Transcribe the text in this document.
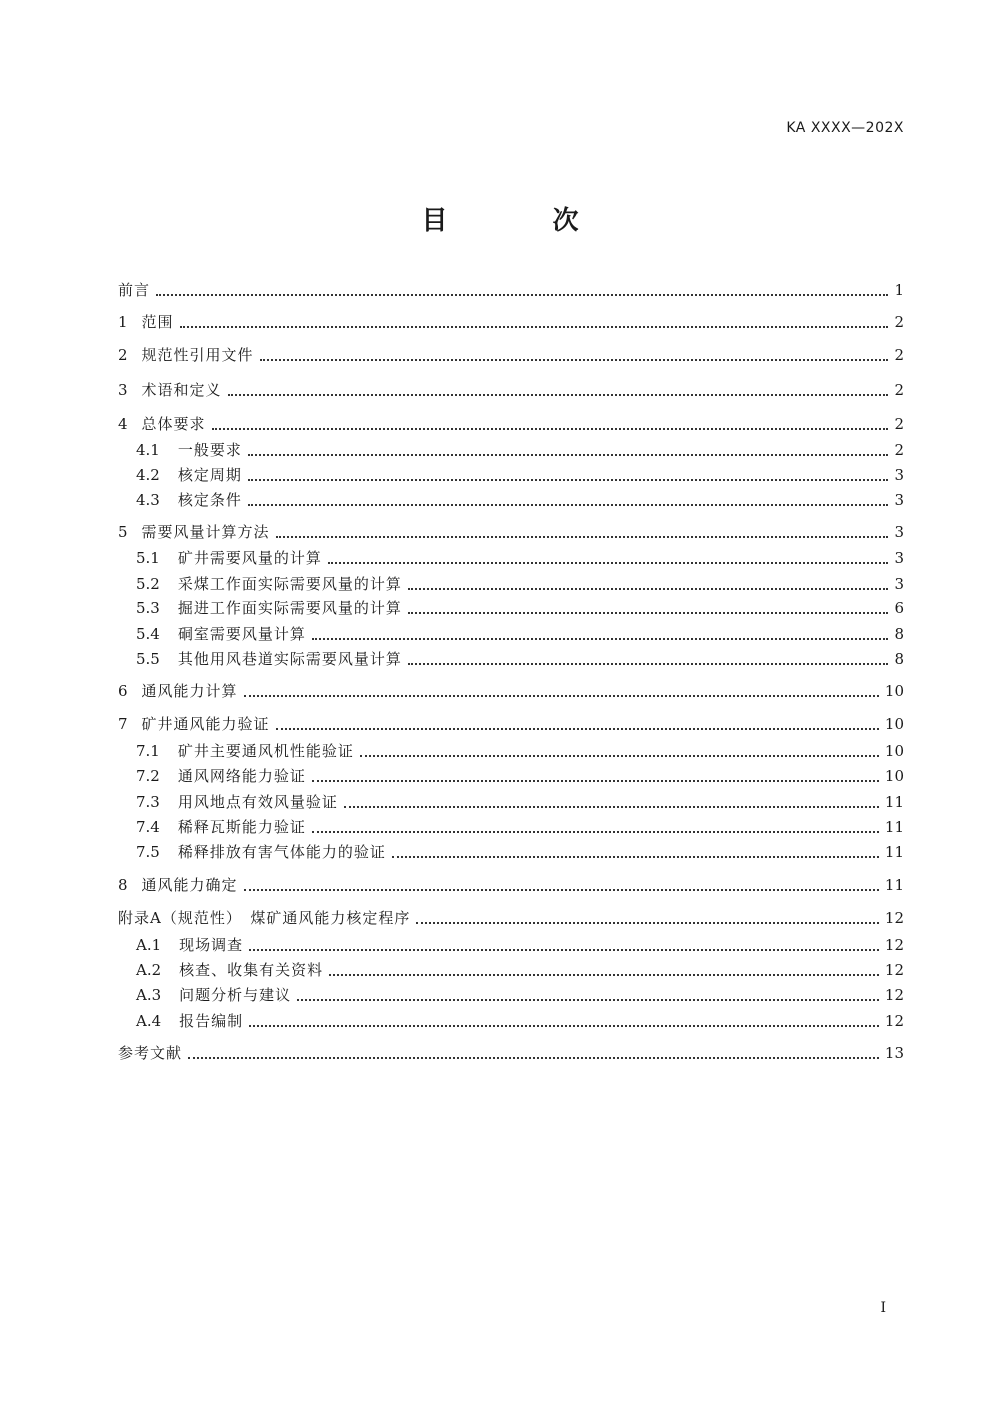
KA XXXX—202X
目 次
前言	1
1 范围	2
2 规范性引用文件	2
3 术语和定义	2
4 总体要求	2
4.1 一般要求	2
4.2 核定周期	3
4.3 核定条件	3
5 需要风量计算方法	3
5.1 矿井需要风量的计算	3
5.2 采煤工作面实际需要风量的计算	3
5.3 掘进工作面实际需要风量的计算	6
5.4 硐室需要风量计算	8
5.5 其他用风巷道实际需要风量计算	8
6 通风能力计算	10
7 矿井通风能力验证	10
7.1 矿井主要通风机性能验证	10
7.2 通风网络能力验证	10
7.3 用风地点有效风量验证	11
7.4 稀释瓦斯能力验证	11
7.5 稀释排放有害气体能力的验证	11
8 通风能力确定	11
附录A（规范性）　煤矿通风能力核定程序	12
A.1 现场调查	12
A.2 核查、收集有关资料	12
A.3 问题分析与建议	12
A.4 报告编制	12
参考文献	13
I
